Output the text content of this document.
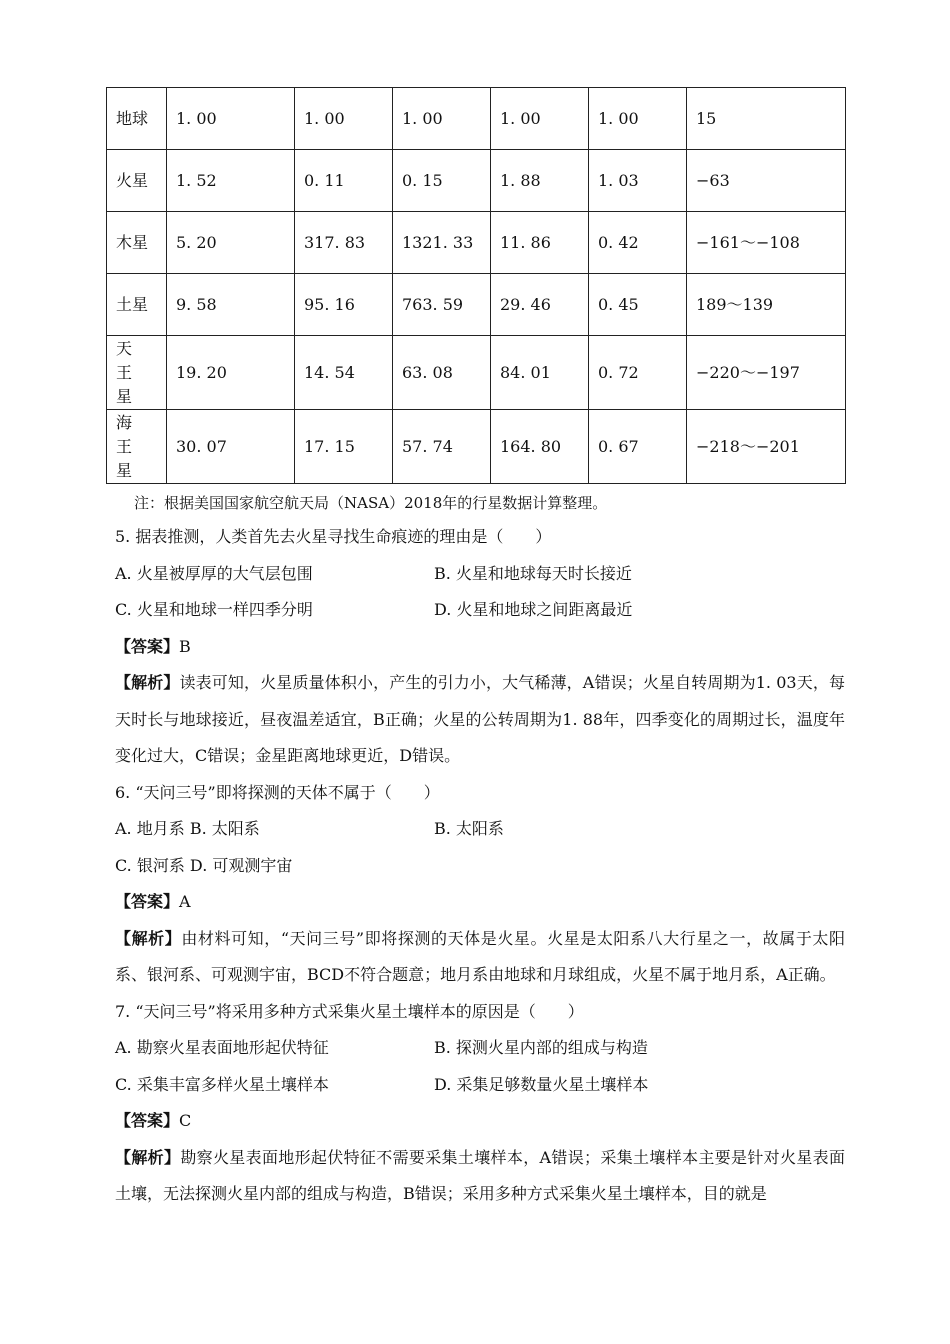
地球	1. 00	1. 00	1. 00	1. 00	1. 00	15
火星	1. 52	0. 11	0. 15	1. 88	1. 03	−63
木星	5. 20	317. 83	1321. 33	11. 86	0. 42	−161～−108
土星	9. 58	95. 16	763. 59	29. 46	0. 45	189～139
天王星	19. 20	14. 54	63. 08	84. 01	0. 72	−220～−197
海王星	30. 07	17. 15	57. 74	164. 80	0. 67	−218～−201
注：根据美国国家航空航天局（NASA）2018年的行星数据计算整理。
5. 据表推测，人类首先去火星寻找生命痕迹的理由是（　　）
A. 火星被厚厚的大气层包围	B. 火星和地球每天时长接近
C. 火星和地球一样四季分明	D. 火星和地球之间距离最近
【答案】B
【解析】读表可知，火星质量体积小，产生的引力小，大气稀薄，A错误；火星自转周期为1. 03天，每天时长与地球接近，昼夜温差适宜，B正确；火星的公转周期为1. 88年，四季变化的周期过长，温度年变化过大，C错误；金星距离地球更近，D错误。
6. “天问三号”即将探测的天体不属于（　　）
A. 地月系 B. 太阳系	B. 太阳系
C. 银河系 D. 可观测宇宙
【答案】A
【解析】由材料可知，“天问三号”即将探测的天体是火星。火星是太阳系八大行星之一，故属于太阳系、银河系、可观测宇宙，BCD不符合题意；地月系由地球和月球组成，火星不属于地月系，A正确。
7. “天问三号”将采用多种方式采集火星土壤样本的原因是（　　）
A. 勘察火星表面地形起伏特征	B. 探测火星内部的组成与构造
C. 采集丰富多样火星土壤样本	D. 采集足够数量火星土壤样本
【答案】C
【解析】勘察火星表面地形起伏特征不需要采集土壤样本，A错误；采集土壤样本主要是针对火星表面土壤，无法探测火星内部的组成与构造，B错误；采用多种方式采集火星土壤样本，目的就是
